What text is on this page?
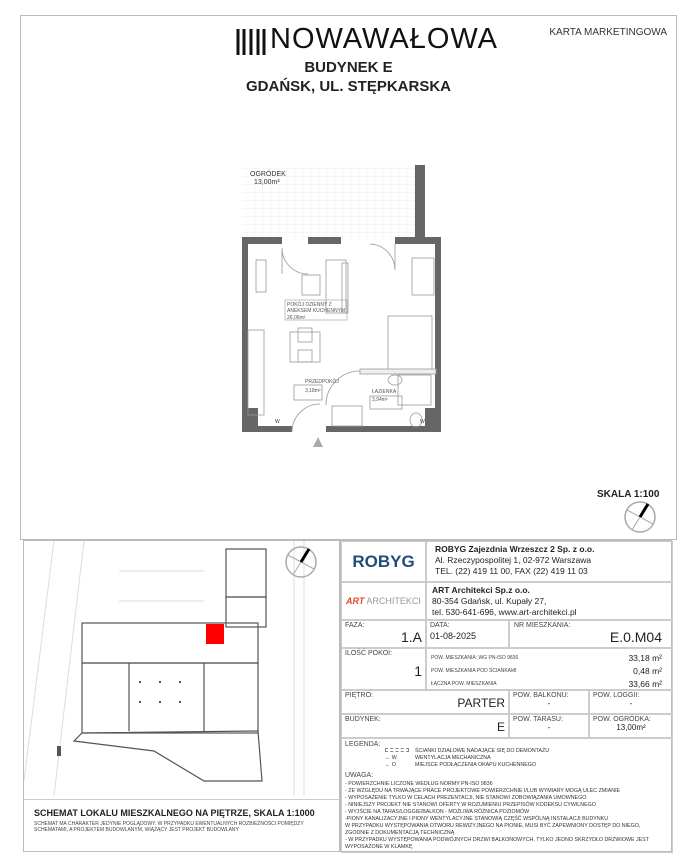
KARTA MARKETINGOWA
NOWAWAŁOWA
BUDYNEK E
GDAŃSK, UL. STĘPKARSKA
OGRÓDEK
13,00m²
POKÓJ DZIENNY Z
ANEKSEM KUCHENNYM
26,06m²
PRZEDPOKÓJ
3,18m²	ŁAZIENKA
3,94m²
W	W
SKALA 1:100
SCHEMAT LOKALU MIESZKALNEGO NA PIĘTRZE, SKALA 1:1000
SCHEMAT MA CHARAKTER JEDYNIE POGLĄDOWY. W PRZYPADKU EWENTUALNYCH ROZBIEŻNOŚCI POMIĘDZY
SCHEMATAMI, A PROJEKTEM BUDOWLANYM, WIĄŻĄCY JEST PROJEKT BUDOWLANY
ROBYG
ROBYG Zajezdnia Wrzeszcz 2 Sp. z o.o.
Al. Rzeczypospolitej 1, 02-972 Warszawa
TEL. (22) 419 11 00, FAX (22) 419 11 03
ART ARCHITEKCI
ART Architekci Sp.z o.o.
80-354 Gdańsk, ul. Kupały 27,
tel. 530-641-696, www.art-architekci.pl
FAZA:
1.A
DATA:
01-08-2025
NR MIESZKANIA:
E.0.M04
ILOŚĆ POKOI:
1
POW. MIESZKANIA: WG PN-ISO 9836	33,18 m²
POW. MIESZKANIA POD ŚCIANKAMI	0,48 m²
ŁĄCZNA POW. MIESZKANIA	33,66 m²
PIĘTRO:
PARTER
POW. BALKONU:
-
POW. LOGGII:
-
BUDYNEK:
E
POW. TARASU:
-
POW. OGRÓDKA:
13,00m²
LEGENDA:
ŚCIANKI DZIAŁOWE NADAJĄCE SIĘ DO DEMONTAŻU
← W	WENTYLACJA MECHANICZNA
← O	MIEJSCE PODŁĄCZENIA OKAPU KUCHENNEGO
UWAGA:
- POWIERZCHNIE LICZONE WEDŁUG NORMY PN-ISO 9836
- ZE WZGLĘDU NA TRWAJĄCE PRACE PROJEKTOWE POWIERZCHNIE I/LUB WYMIARY MOGĄ ULEC ZMIANIE
- WYPOSAŻENIE TYLKO W CELACH PREZENTACJI, NIE STANOWI ZOBOWIĄZANIA UMOWNEGO
- NINIEJSZY PROJEKT NIE STANOWI OFERTY W ROZUMIENIU PRZEPISÓW KODEKSU CYWILNEGO
- WYJŚCIE NA TARAS/LOGGIE/BALKON - MOŻLIWA RÓŻNICA POZIOMÓW
-PIONY KANALIZACYJNE I PIONY WENTYLACYJNE STANOWIĄ CZĘŚĆ WSPÓLNĄ INSTALACJI BUDYNKU
W PRZYPADKU WYSTĘPOWANIA OTWORU REWIZYJNEGO NA PIONIE, MUSI BYĆ ZAPEWNIONY DOSTĘP DO NIEGO,
ZGODNIE Z DOKUMENTACJĄ TECHNICZNĄ
- W PRZYPADKU WYSTĘPOWANIA PODWÓJNYCH DRZWI BALKONOWYCH, TYLKO JEDNO SKRZYDŁO DRZWIOWE JEST
WYPOSAŻONE W KLAMKĘ
